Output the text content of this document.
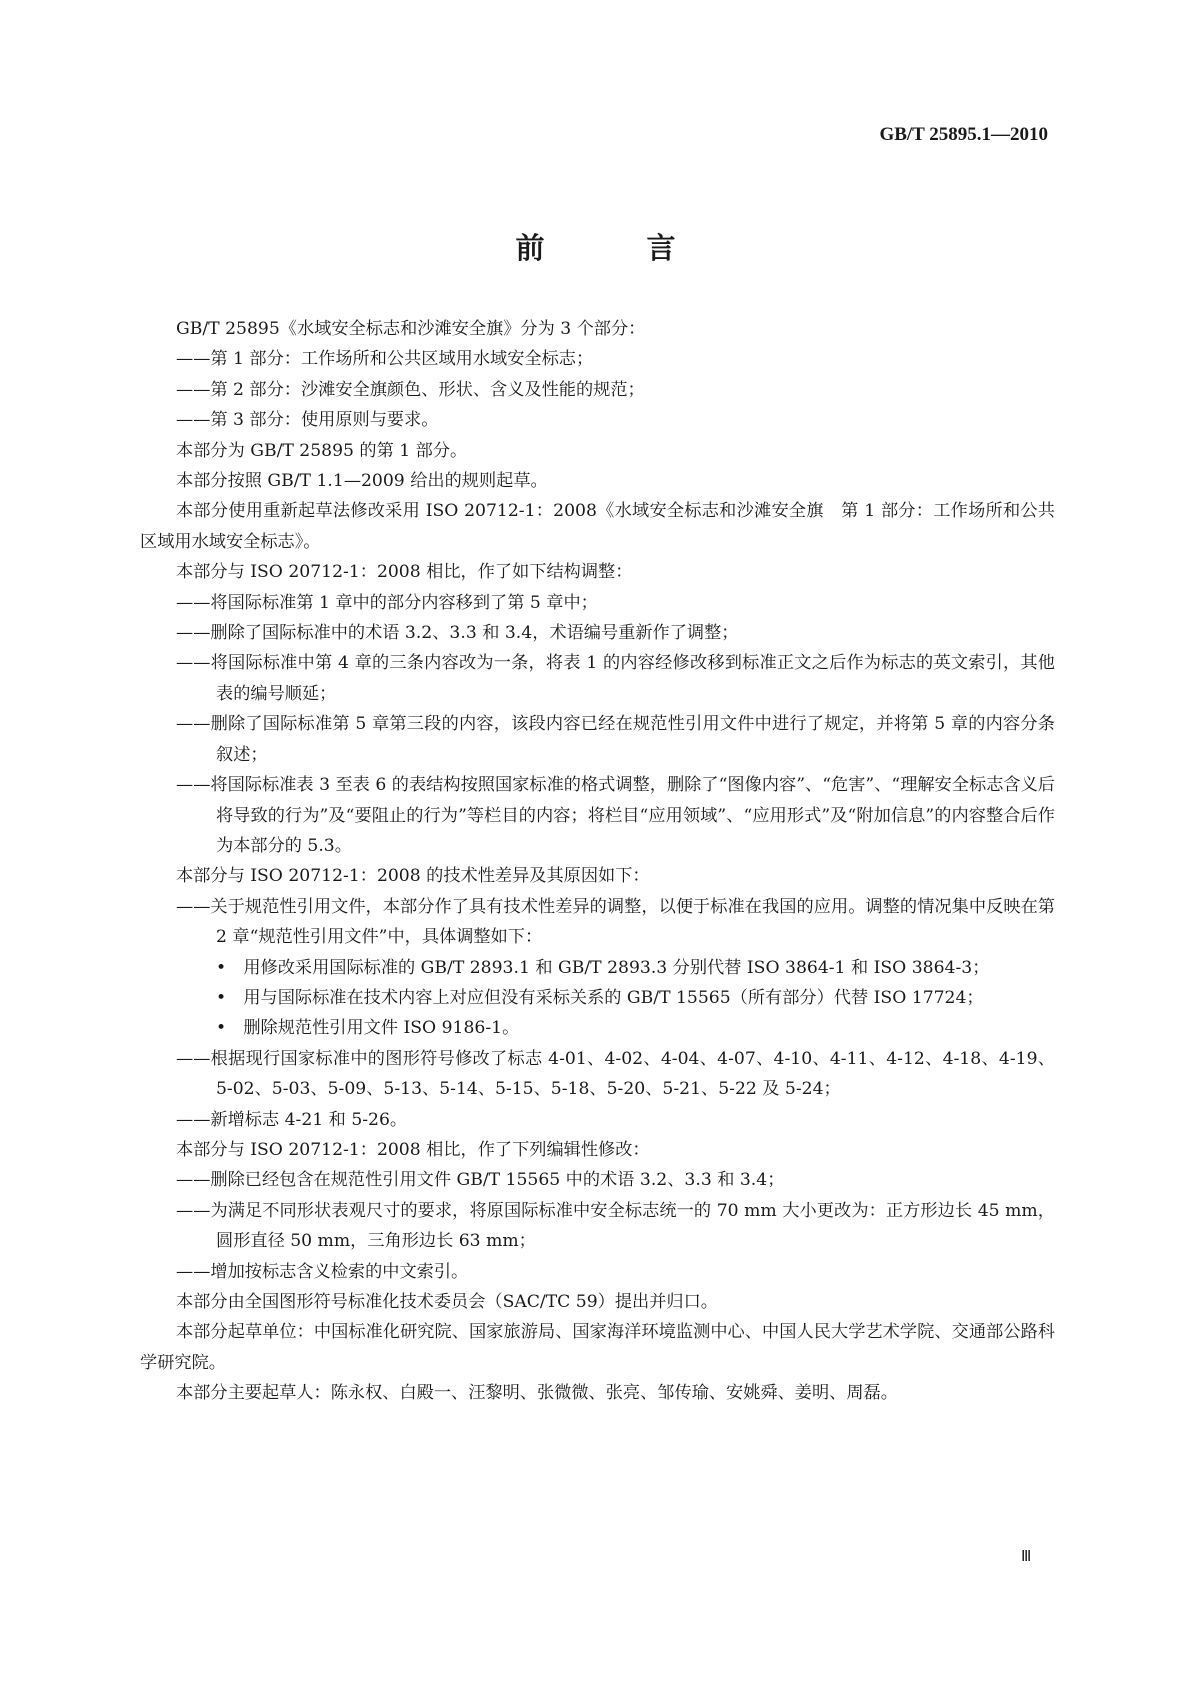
GB/T 25895.1—2010
前 言

GB/T 25895《水域安全标志和沙滩安全旗》分为 3 个部分：

——第 1 部分：工作场所和公共区域用水域安全标志；

——第 2 部分：沙滩安全旗颜色、形状、含义及性能的规范；

——第 3 部分：使用原则与要求。

本部分为 GB/T 25895 的第 1 部分。

本部分按照 GB/T 1.1—2009 给出的规则起草。

本部分使用重新起草法修改采用 ISO 20712-1：2008《水域安全标志和沙滩安全旗　第 1 部分：工作场所和公共区域用水域安全标志》。

本部分与 ISO 20712-1：2008 相比，作了如下结构调整：

——将国际标准第 1 章中的部分内容移到了第 5 章中；

——删除了国际标准中的术语 3.2、3.3 和 3.4，术语编号重新作了调整；

——将国际标准中第 4 章的三条内容改为一条，将表 1 的内容经修改移到标准正文之后作为标志的英文索引，其他表的编号顺延；

——删除了国际标准第 5 章第三段的内容，该段内容已经在规范性引用文件中进行了规定，并将第 5 章的内容分条叙述；

——将国际标准表 3 至表 6 的表结构按照国家标准的格式调整，删除了“图像内容”、“危害”、“理解安全标志含义后将导致的行为”及“要阻止的行为”等栏目的内容；将栏目“应用领域”、“应用形式”及“附加信息”的内容整合后作为本部分的 5.3。

本部分与 ISO 20712-1：2008 的技术性差异及其原因如下：

——关于规范性引用文件，本部分作了具有技术性差异的调整，以便于标准在我国的应用。调整的情况集中反映在第 2 章“规范性引用文件”中，具体调整如下：

•　用修改采用国际标准的 GB/T 2893.1 和 GB/T 2893.3 分别代替 ISO 3864-1 和 ISO 3864-3；

•　用与国际标准在技术内容上对应但没有采标关系的 GB/T 15565（所有部分）代替 ISO 17724；

•　删除规范性引用文件 ISO 9186-1。

——根据现行国家标准中的图形符号修改了标志 4-01、4-02、4-04、4-07、4-10、4-11、4-12、4-18、4-19、5-02、5-03、5-09、5-13、5-14、5-15、5-18、5-20、5-21、5-22 及 5-24；

——新增标志 4-21 和 5-26。

本部分与 ISO 20712-1：2008 相比，作了下列编辑性修改：

——删除已经包含在规范性引用文件 GB/T 15565 中的术语 3.2、3.3 和 3.4；

——为满足不同形状表观尺寸的要求，将原国际标准中安全标志统一的 70 mm 大小更改为：正方形边长 45 mm，圆形直径 50 mm，三角形边长 63 mm；

——增加按标志含义检索的中文索引。

本部分由全国图形符号标准化技术委员会（SAC/TC 59）提出并归口。

本部分起草单位：中国标准化研究院、国家旅游局、国家海洋环境监测中心、中国人民大学艺术学院、交通部公路科学研究院。

本部分主要起草人：陈永权、白殿一、汪黎明、张微微、张亮、邹传瑜、安姚舜、姜明、周磊。

Ⅲ
